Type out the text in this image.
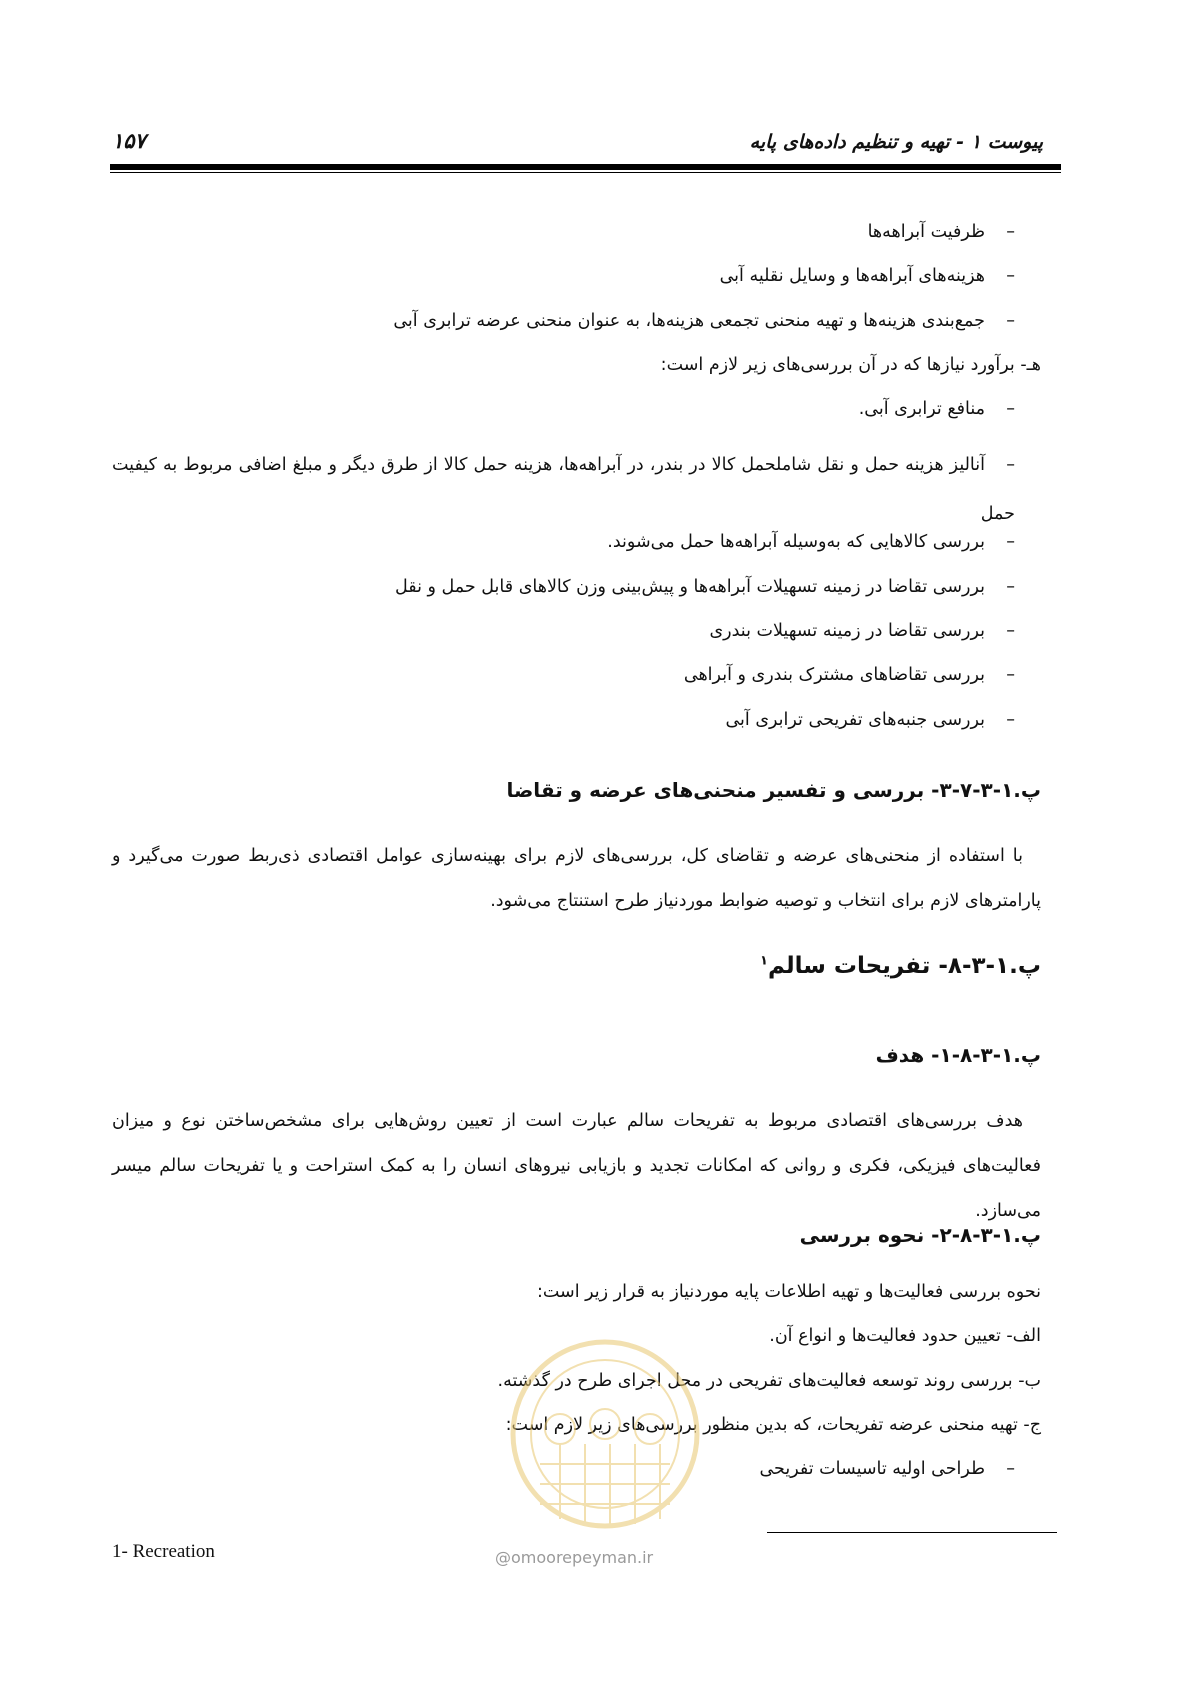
پیوست ۱ - تهیه و تنظیم داده‌های پایه
۱۵۷
–ظرفیت آبراهه‌ها
–هزینه‌های آبراهه‌ها و وسایل نقلیه آبی
–جمع‌بندی هزینه‌ها و تهیه منحنی تجمعی هزینه‌ها، به عنوان منحنی عرضه ترابری آبی
هـ- برآورد نیازها که در آن بررسی‌های زیر لازم است:
–منافع ترابری آبی.
–آنالیز هزینه حمل و نقل شاملحمل کالا در بندر، در آبراهه‌ها، هزینه حمل کالا از طرق دیگر و مبلغ اضافی مربوط به کیفیت حمل
–بررسی کالاهایی که به‌وسیله آبراهه‌ها حمل می‌شوند.
–بررسی تقاضا در زمینه تسهیلات آبراهه‌ها و پیش‌بینی وزن کالاهای قابل حمل و نقل
–بررسی تقاضا در زمینه تسهیلات بندری
–بررسی تقاضاهای مشترک بندری و آبراهی
–بررسی جنبه‌های تفریحی ترابری آبی
پ.۱-۳-۷-۳- بررسی و تفسیر منحنی‌های عرضه و تقاضا
با استفاده از منحنی‌های عرضه و تقاضای کل، بررسی‌های لازم برای بهینه‌سازی عوامل اقتصادی ذی‌ربط صورت می‌گیرد و پارامترهای لازم برای انتخاب و توصیه ضوابط موردنیاز طرح استنتاج می‌شود.
پ.۱-۳-۸- تفریحات سالم$^۱$
پ.۱-۳-۸-۱- هدف
هدف بررسی‌های اقتصادی مربوط به تفریحات سالم عبارت است از تعیین روش‌هایی برای مشخص‌ساختن نوع و میزان فعالیت‌های فیزیکی، فکری و روانی که امکانات تجدید و بازیابی نیروهای انسان را به کمک استراحت و یا تفریحات سالم میسر می‌سازد.
پ.۱-۳-۸-۲- نحوه بررسی
نحوه بررسی فعالیت‌ها و تهیه اطلاعات پایه موردنیاز به قرار زیر است:
الف- تعیین حدود فعالیت‌ها و انواع آن.
ب- بررسی روند توسعه فعالیت‌های تفریحی در محل اجرای طرح در گذشته.
ج- تهیه منحنی عرضه تفریحات، که بدین منظور بررسی‌های زیر لازم است:
–طراحی اولیه تاسیسات تفریحی
@omoorepeyman.ir
1- Recreation
